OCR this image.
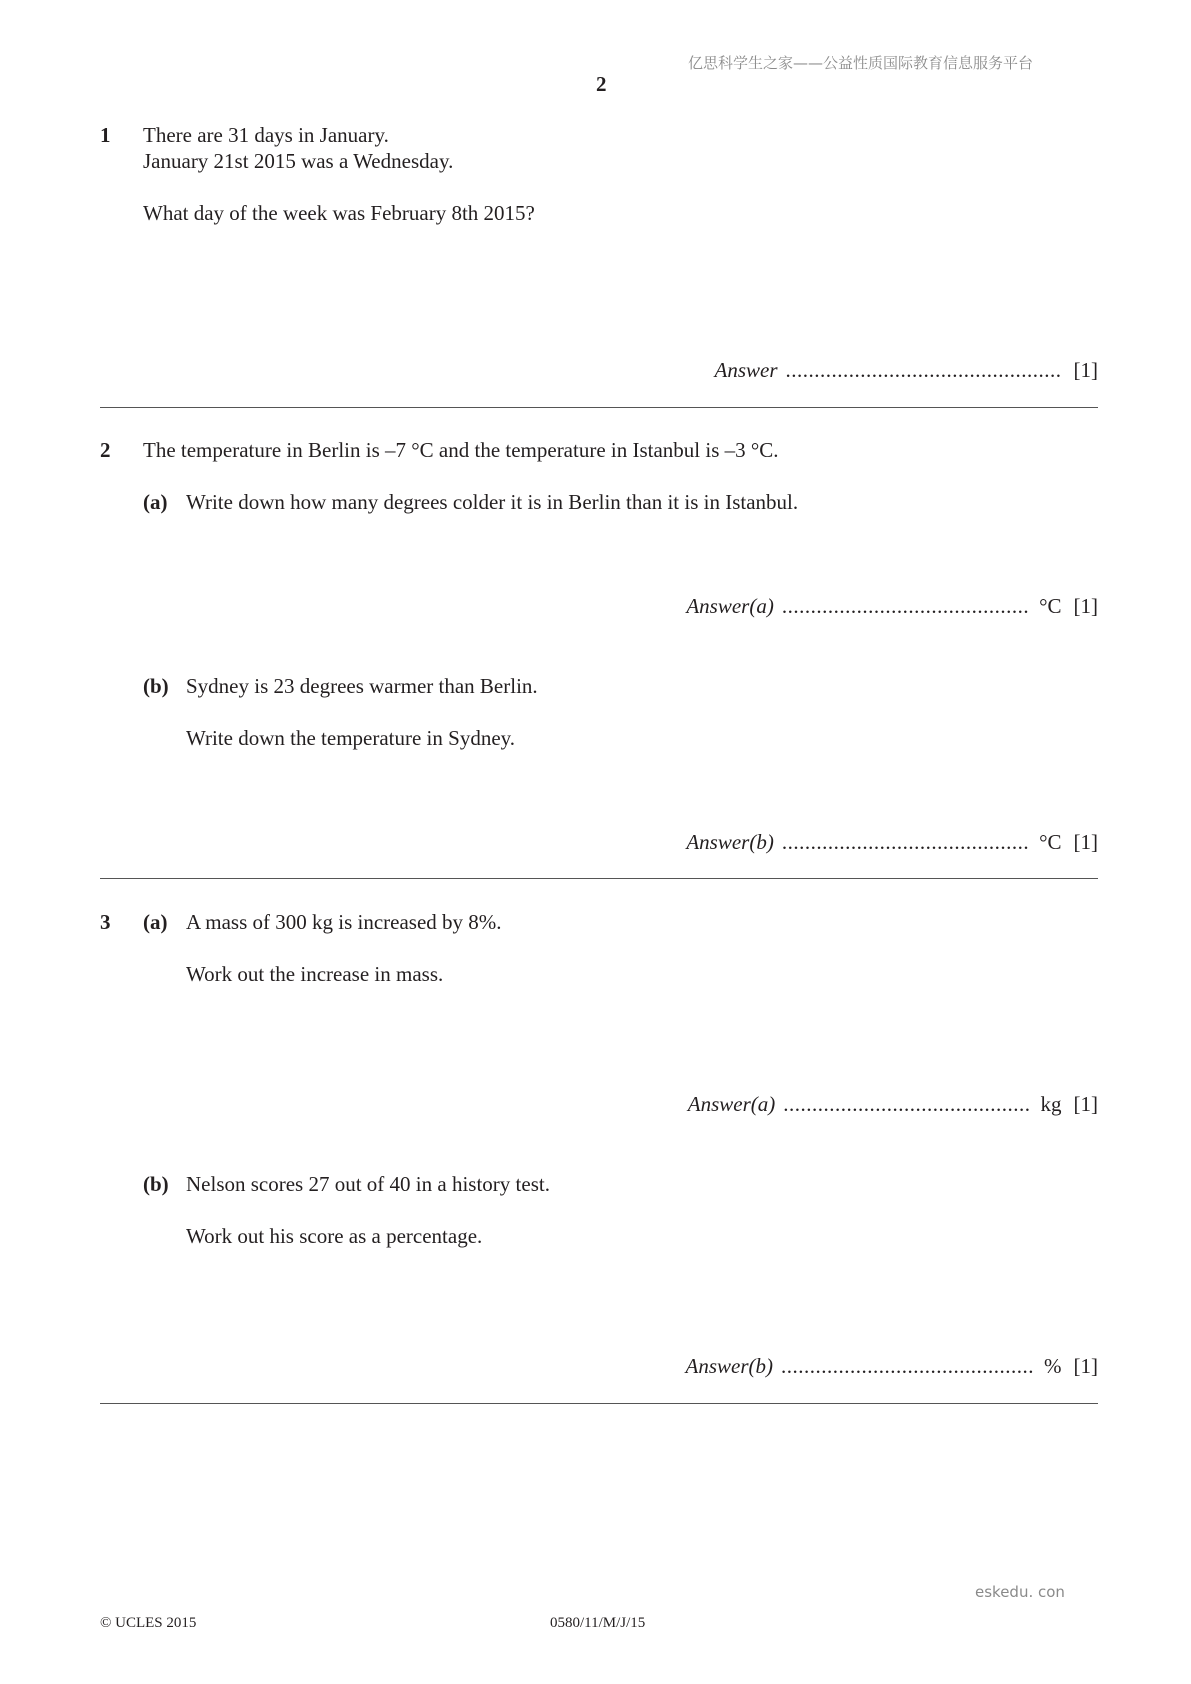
亿思科学生之家——公益性质国际教育信息服务平台
2
1 There are 31 days in January.
January 21st 2015 was a Wednesday.
What day of the week was February 8th 2015?
Answer ................................................ [1]
2 The temperature in Berlin is –7 °C and the temperature in Istanbul is –3 °C.
(a) Write down how many degrees colder it is in Berlin than it is in Istanbul.
Answer(a) ........................................... °C [1]
(b) Sydney is 23 degrees warmer than Berlin.
Write down the temperature in Sydney.
Answer(b) ........................................... °C [1]
3 (a) A mass of 300 kg is increased by 8%.
Work out the increase in mass.
Answer(a) ........................................... kg [1]
(b) Nelson scores 27 out of 40 in a history test.
Work out his score as a percentage.
Answer(b) ............................................ % [1]
eskedu. con
© UCLES 2015	0580/11/M/J/15
